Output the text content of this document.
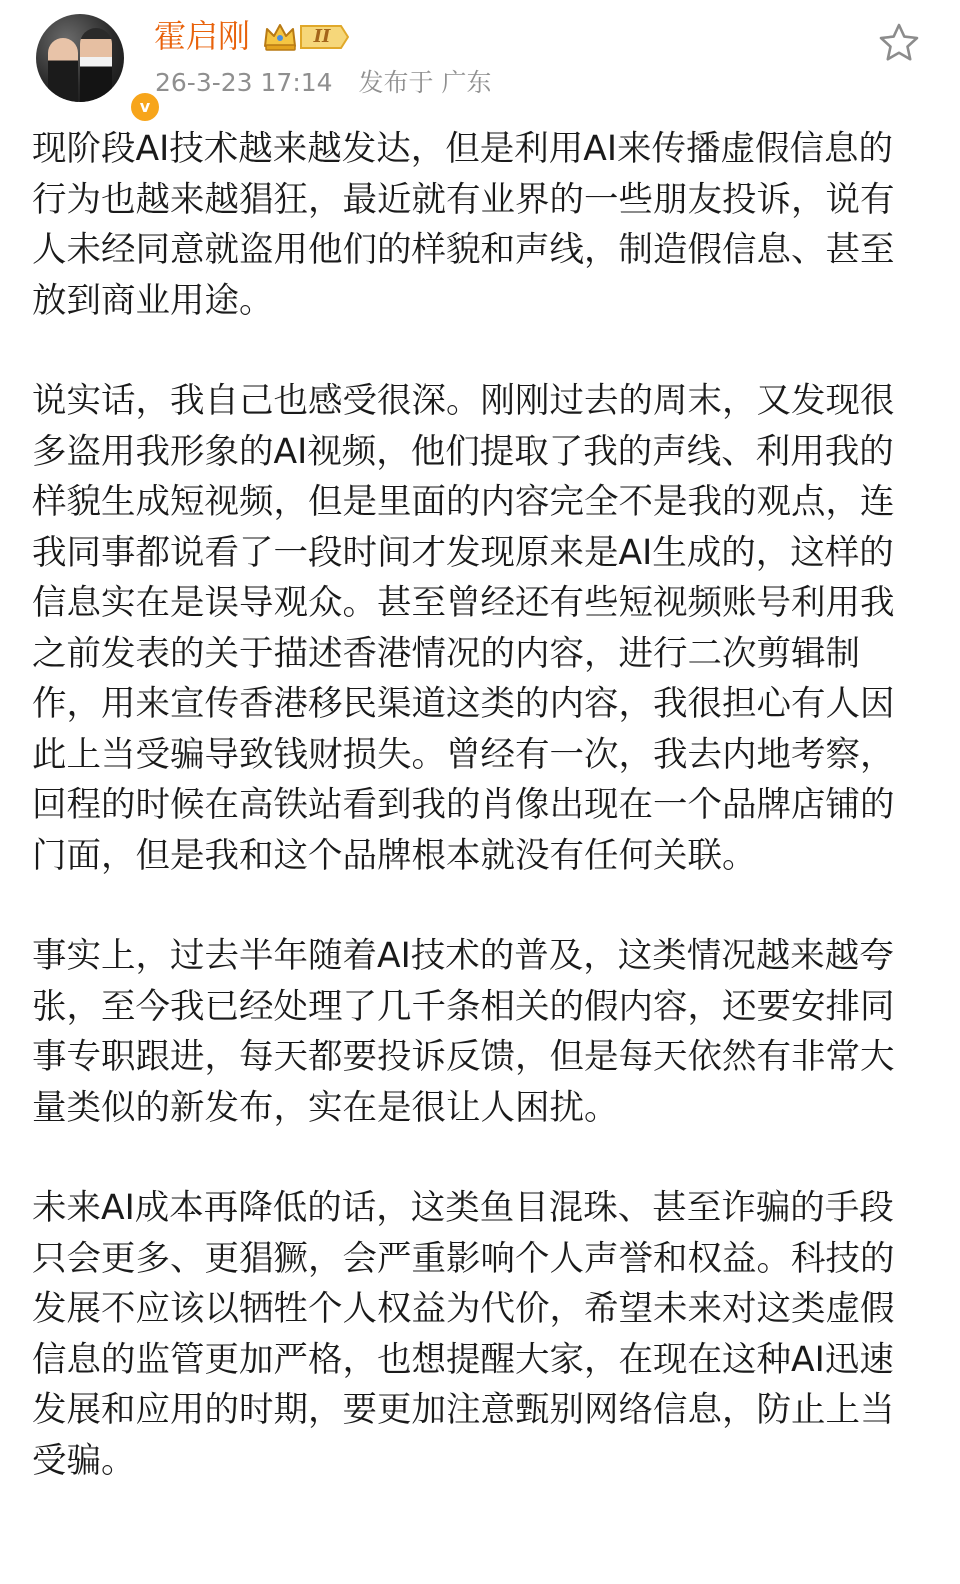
v
霍启刚	II
26-3-23 17:14 发布于 广东

现阶段AI技术越来越发达，但是利用AI来传播虚假信息的行为也越来越猖狂，最近就有业界的一些朋友投诉，说有人未经同意就盗用他们的样貌和声线，制造假信息、甚至放到商业用途。

说实话，我自己也感受很深。刚刚过去的周末，又发现很多盗用我形象的AI视频，他们提取了我的声线、利用我的样貌生成短视频，但是里面的内容完全不是我的观点，连我同事都说看了一段时间才发现原来是AI生成的，这样的信息实在是误导观众。甚至曾经还有些短视频账号利用我之前发表的关于描述香港情况的内容，进行二次剪辑制作，用来宣传香港移民渠道这类的内容，我很担心有人因此上当受骗导致钱财损失。曾经有一次，我去内地考察，回程的时候在高铁站看到我的肖像出现在一个品牌店铺的门面，但是我和这个品牌根本就没有任何关联。

事实上，过去半年随着AI技术的普及，这类情况越来越夸张，至今我已经处理了几千条相关的假内容，还要安排同事专职跟进，每天都要投诉反馈，但是每天依然有非常大量类似的新发布，实在是很让人困扰。

未来AI成本再降低的话，这类鱼目混珠、甚至诈骗的手段只会更多、更猖獗，会严重影响个人声誉和权益。科技的发展不应该以牺牲个人权益为代价，希望未来对这类虚假信息的监管更加严格，也想提醒大家，在现在这种AI迅速发展和应用的时期，要更加注意甄别网络信息，防止上当受骗。
